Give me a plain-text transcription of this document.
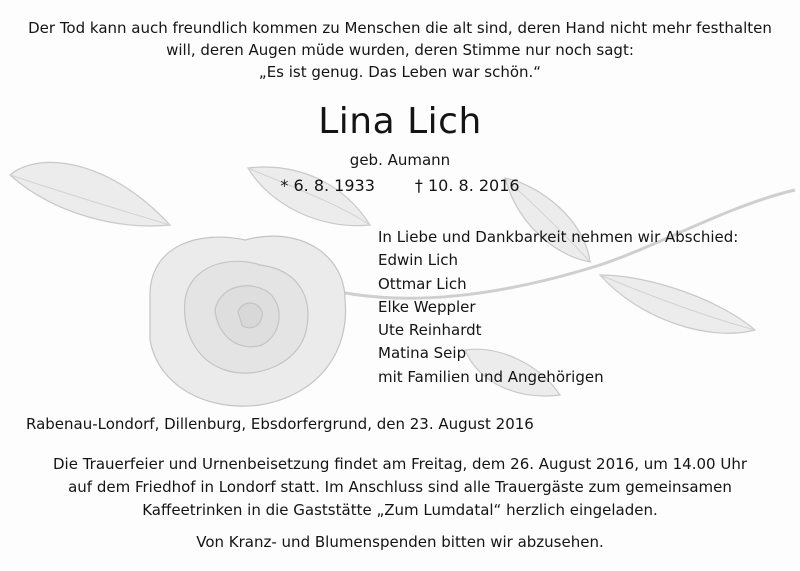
Der Tod kann auch freundlich kommen zu Menschen die alt sind, deren Hand nicht mehr festhalten
will, deren Augen müde wurden, deren Stimme nur noch sagt:
„Es ist genug. Das Leben war schön.“
Lina Lich
geb. Aumann
* 6. 8. 1933	† 10. 8. 2016
In Liebe und Dankbarkeit nehmen wir Abschied:
Edwin Lich
Ottmar Lich
Elke Weppler
Ute Reinhardt
Matina Seip
mit Familien und Angehörigen
Rabenau-Londorf, Dillenburg, Ebsdorfergrund, den 23. August 2016
Die Trauerfeier und Urnenbeisetzung findet am Freitag, dem 26. August 2016, um 14.00 Uhr
auf dem Friedhof in Londorf statt. Im Anschluss sind alle Trauergäste zum gemeinsamen
Kaffeetrinken in die Gaststätte „Zum Lumdatal“ herzlich eingeladen.
Von Kranz- und Blumenspenden bitten wir abzusehen.
